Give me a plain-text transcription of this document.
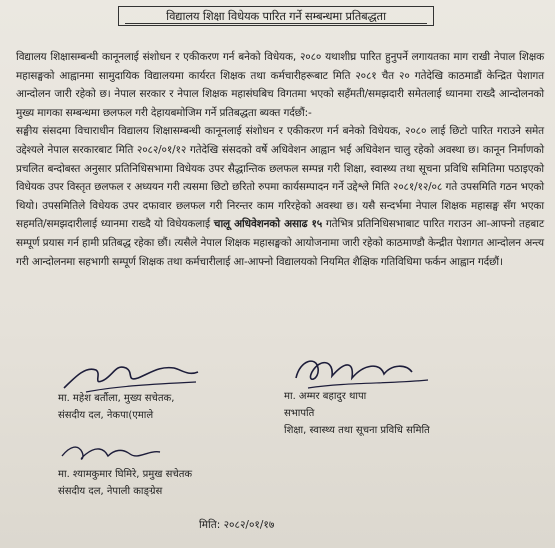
विद्यालय शिक्षा विधेयक पारित गर्ने सम्बन्धमा प्रतिबद्धता

विद्यालय शिक्षासम्बन्धी कानूनलाई संशोधन र एकीकरण गर्न बनेको विधेयक, २०८० यथाशीघ्र पारित हुनुपर्ने लगायतका माग राखी नेपाल शिक्षक महासङ्घको आह्वानमा सामुदायिक विद्यालयमा कार्यरत शिक्षक तथा कर्मचारीहरूबाट मिति २०८१ चैत २० गतेदेखि काठमाडौं केन्द्रित पेशागत आन्दोलन जारी रहेको छ। नेपाल सरकार र नेपाल शिक्षक महासंघबिच विगतमा भएको सहँमती/समझदारी समेतलाई ध्यानमा राख्दै आन्दोलनको मुख्य मागका सम्बन्धमा छलफल गरी देहायबमोजिम गर्ने प्रतिबद्धता ब्यक्त गर्दछौं:-

सङ्घीय संसदमा विचाराधीन विद्यालय शिक्षासम्बन्धी कानूनलाई संशोधन र एकीकरण गर्न बनेको विधेयक, २०८० लाई छिटो पारित गराउने समेत उद्देश्यले नेपाल सरकारबाट मिति २०८२/०१/१२ गतेदेखि संसदको वर्षे अधिवेशन आह्वान भई अधिवेशन चालु रहेको अवस्था छ। कानून निर्माणको प्रचलित बन्दोबस्त अनुसार प्रतिनिधिसभामा विधेयक उपर सैद्धान्तिक छलफल सम्पन्न गरी शिक्षा, स्वास्थ्य तथा सूचना प्रविधि समितिमा पठाइएको विधेयक उपर विस्तृत छलफल र अध्ययन गरी त्यसमा छिटो छरितो रुपमा कार्यसम्पादन गर्ने उद्देश्ले मिति २०८१/१२/०८ गते उपसमिति गठन भएको थियो। उपसमितिले विधेयक उपर दफावार छलफल गरी निरन्तर काम गरिरहेको अवस्था छ। यसै सन्दर्भमा नेपाल शिक्षक महासङ्घ सँग भएका सहमति/समझदारीलाई ध्यानमा राख्दै यो विधेयकलाई चालू अधिवेशनको असाढ १५ गतेभित्र प्रतिनिधिसभाबाट पारित गराउन आ-आफ्नो तहबाट सम्पूर्ण प्रयास गर्न हामी प्रतिबद्ध रहेका छौं। त्यसैले नेपाल शिक्षक महासङ्घको आयोजनामा जारी रहेको काठमाण्डौ केन्द्रीत पेशागत आन्दोलन अन्त्य गरी आन्दोलनमा सहभागी सम्पूर्ण शिक्षक तथा कर्मचारीलाई आ-आफ्नो विद्यालयको नियमित शैक्षिक गतिविधिमा फर्कन आह्वान गर्दछौं।

मा. महेश बर्तौला, मुख्य सचेतक,
संसदीय दल, नेकपा(एमाले
मा. अम्मर बहादुर थापा
सभापति
शिक्षा, स्वास्थ्य तथा सूचना प्रविधि समिति
मा. श्यामकुमार घिमिरे, प्रमुख सचेतक
संसदीय दल, नेपाली काङ्ग्रेस
मिति: २०८२/०१/१७
